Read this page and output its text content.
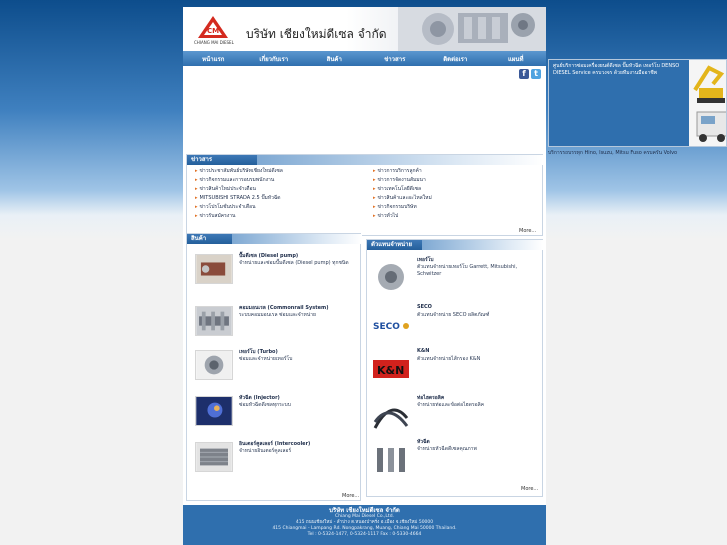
CM
CHIANG MAI DIESEL
บริษัท เชียงใหม่ดีเซล จำกัด
หน้าแรก	เกี่ยวกับเรา	สินค้า	ข่าวสาร	ติดต่อเรา	แผนที่
f	t
ข่าวสาร
▸ ข่าวประชาสัมพันธ์บริษัทเชียงใหม่ดีเซล
▸ ข่าวกิจกรรมและการอบรมพนักงาน
▸ ข่าวสินค้าใหม่ประจำเดือน
▸ MITSUBISHI STRADA 2.5 ปั๊มหัวฉีด
▸ ข่าวโปรโมชั่นประจำเดือน
▸ ข่าวรับสมัครงาน
▸ ข่าวการบริการลูกค้า
▸ ข่าวการจัดงานสัมมนา
▸ ข่าวเทคโนโลยีดีเซล
▸ ข่าวสินค้าและอะไหล่ใหม่
▸ ข่าวกิจกรรมบริษัท
▸ ข่าวทั่วไป
More...
สินค้า
ปั๊มดีเซล (Diesel pump)
จำหน่ายและซ่อมปั๊มดีเซล (Diesel pump) ทุกชนิด
คอมมอนเรล (Commonrail System)
ระบบคอมมอนเรล ซ่อมและจำหน่าย
เทอร์โบ (Turbo)
ซ่อมและจำหน่ายเทอร์โบ
หัวฉีด (Injector)
ซ่อมหัวฉีดดีเซลทุกระบบ
อินเตอร์คูลเลอร์ (Intercooler)
จำหน่ายอินเตอร์คูลเลอร์
More...
ตัวแทนจำหน่าย
เทอร์โบ
ตัวแทนจำหน่ายเทอร์โบ Garrett, Mitsubishi, Schwitzer
SECO
SECO
ตัวแทนจำหน่าย SECO ผลิตภัณฑ์
K&N
K&N
ตัวแทนจำหน่ายไส้กรอง K&N
ท่อไฮดรอลิค
จำหน่ายท่อและข้อต่อไฮดรอลิค
หัวฉีด
จำหน่ายหัวฉีดดีเซลคุณภาพ
More...
บริษัท เชียงใหม่ดีเซล จำกัด
Chiang Mai Diesel Co.,Ltd.
415 ถนนเชียงใหม่ - ลำปาง ต.หนองป่าครั่ง อ.เมือง จ.เชียงใหม่ 50000
415 Chiangmai - Lampang Rd. Nongpakrang, Muang, Chiang Mai 50000 Thailand.
Tel : 0-5324-1477, 0-5324-1117 Fax : 0-5330-4664
ศูนย์บริการซ่อมเครื่องยนต์ดีเซล ปั๊มหัวฉีด เทอร์โบ DENSO DIESEL Service ครบวงจร ด้วยทีมงานมืออาชีพ
บริการรถบรรทุก Hino, Isuzu, Mitsu Fuso ครบครัน Volvo
